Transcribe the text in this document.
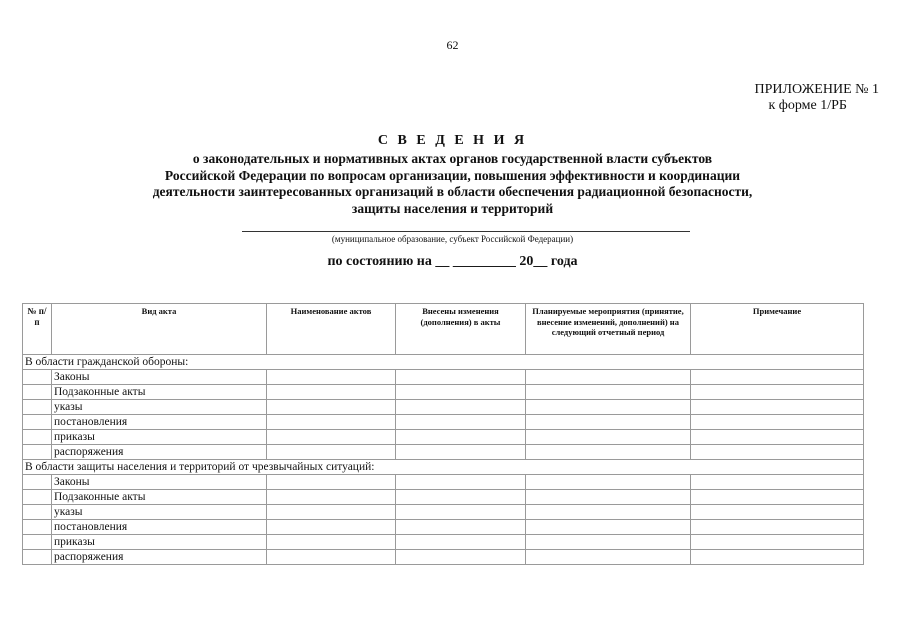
62
ПРИЛОЖЕНИЕ № 1
к форме 1/РБ
С В Е Д Е Н И Я
о законодательных и нормативных актах органов государственной власти субъектов
Российской Федерации по вопросам организации, повышения эффективности и координации
деятельности заинтересованных организаций в области обеспечения радиационной безопасности,
защиты населения и территорий
(муниципальное образование, субъект Российской Федерации)
по состоянию на __ _________ 20__ года
№ п/п	Вид акта	Наименование актов	Внесены изменения (дополнения) в акты	Планируемые мероприятия (принятие, внесение изменений, дополнений) на следующий отчетный период	Примечание
В области гражданской обороны:					
	Законы				
	Подзаконные акты				
	указы				
	постановления				
	приказы				
	распоряжения				
В области защиты населения и территорий от чрезвычайных ситуаций:					
	Законы				
	Подзаконные акты				
	указы				
	постановления				
	приказы				
	распоряжения				
